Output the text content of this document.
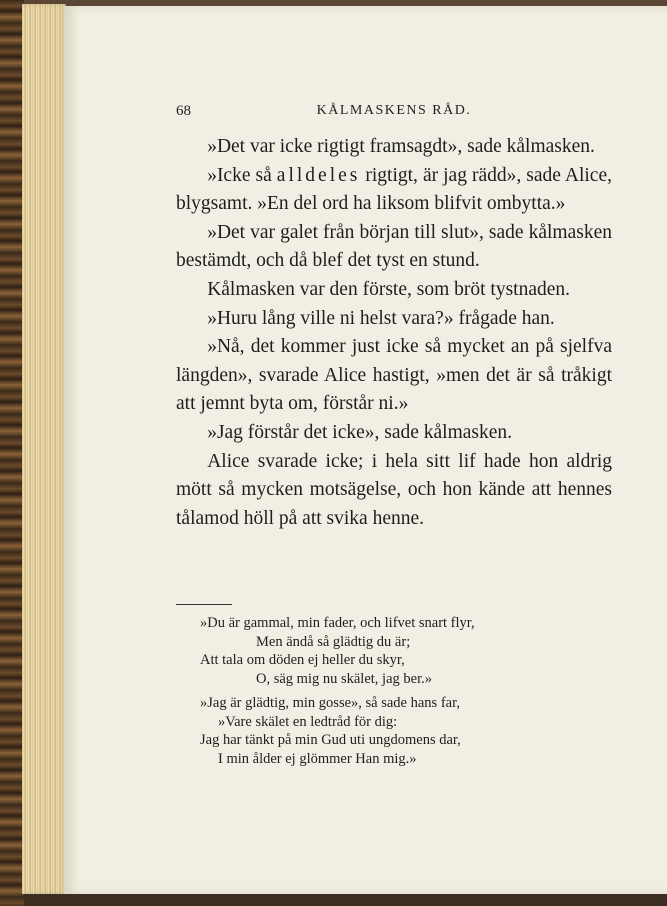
68	KÅLMASKENS RÅD.

»Det var icke rigtigt framsagdt», sade kålmasken.

»Icke så alldeles rigtigt, är jag rädd», sade Alice, blygsamt. »En del ord ha liksom blifvit ombytta.»

»Det var galet från början till slut», sade kålmasken bestämdt, och då blef det tyst en stund.

Kålmasken var den förste, som bröt tystnaden.

»Huru lång ville ni helst vara?» frågade han.

»Nå, det kommer just icke så mycket an på sjelfva längden», svarade Alice hastigt, »men det är så tråkigt att jemnt byta om, förstår ni.»

»Jag förstår det icke», sade kålmasken.

Alice svarade icke; i hela sitt lif hade hon aldrig mött så mycken motsägelse, och hon kände att hennes tålamod höll på att svika henne.

»Du är gammal, min fader, och lifvet snart flyr,
Men ändå så glädtig du är;
Att tala om döden ej heller du skyr,
O, säg mig nu skälet, jag ber.»
»Jag är glädtig, min gosse», så sade hans far,
»Vare skälet en ledtråd för dig:
Jag har tänkt på min Gud uti ungdomens dar,
I min ålder ej glömmer Han mig.»
